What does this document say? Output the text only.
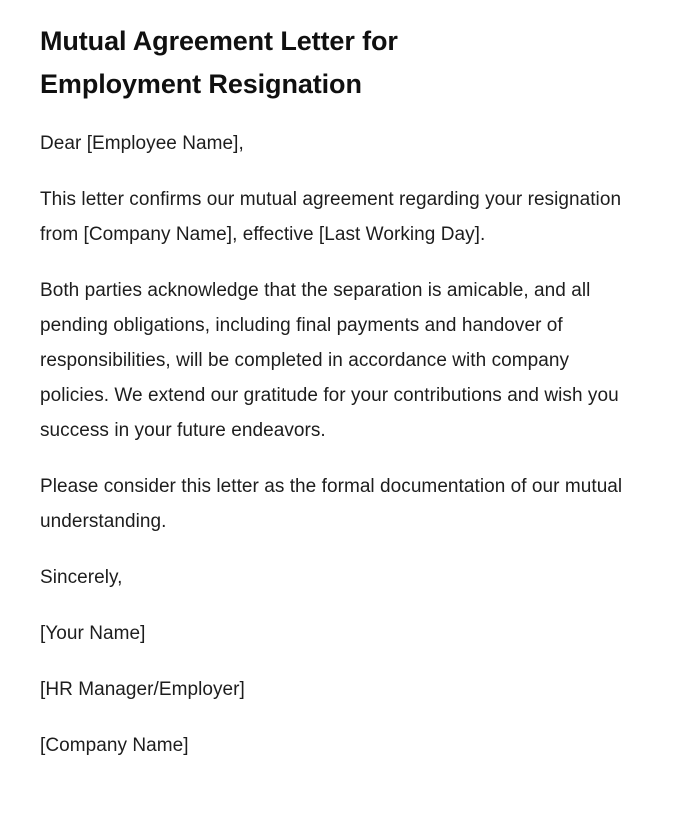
Mutual Agreement Letter for Employment Resignation

Dear [Employee Name],

This letter confirms our mutual agreement regarding your resignation from [Company Name], effective [Last Working Day].

Both parties acknowledge that the separation is amicable, and all pending obligations, including final payments and handover of responsibilities, will be completed in accordance with company policies. We extend our gratitude for your contributions and wish you success in your future endeavors.

Please consider this letter as the formal documentation of our mutual understanding.

Sincerely,

[Your Name]

[HR Manager/Employer]

[Company Name]
